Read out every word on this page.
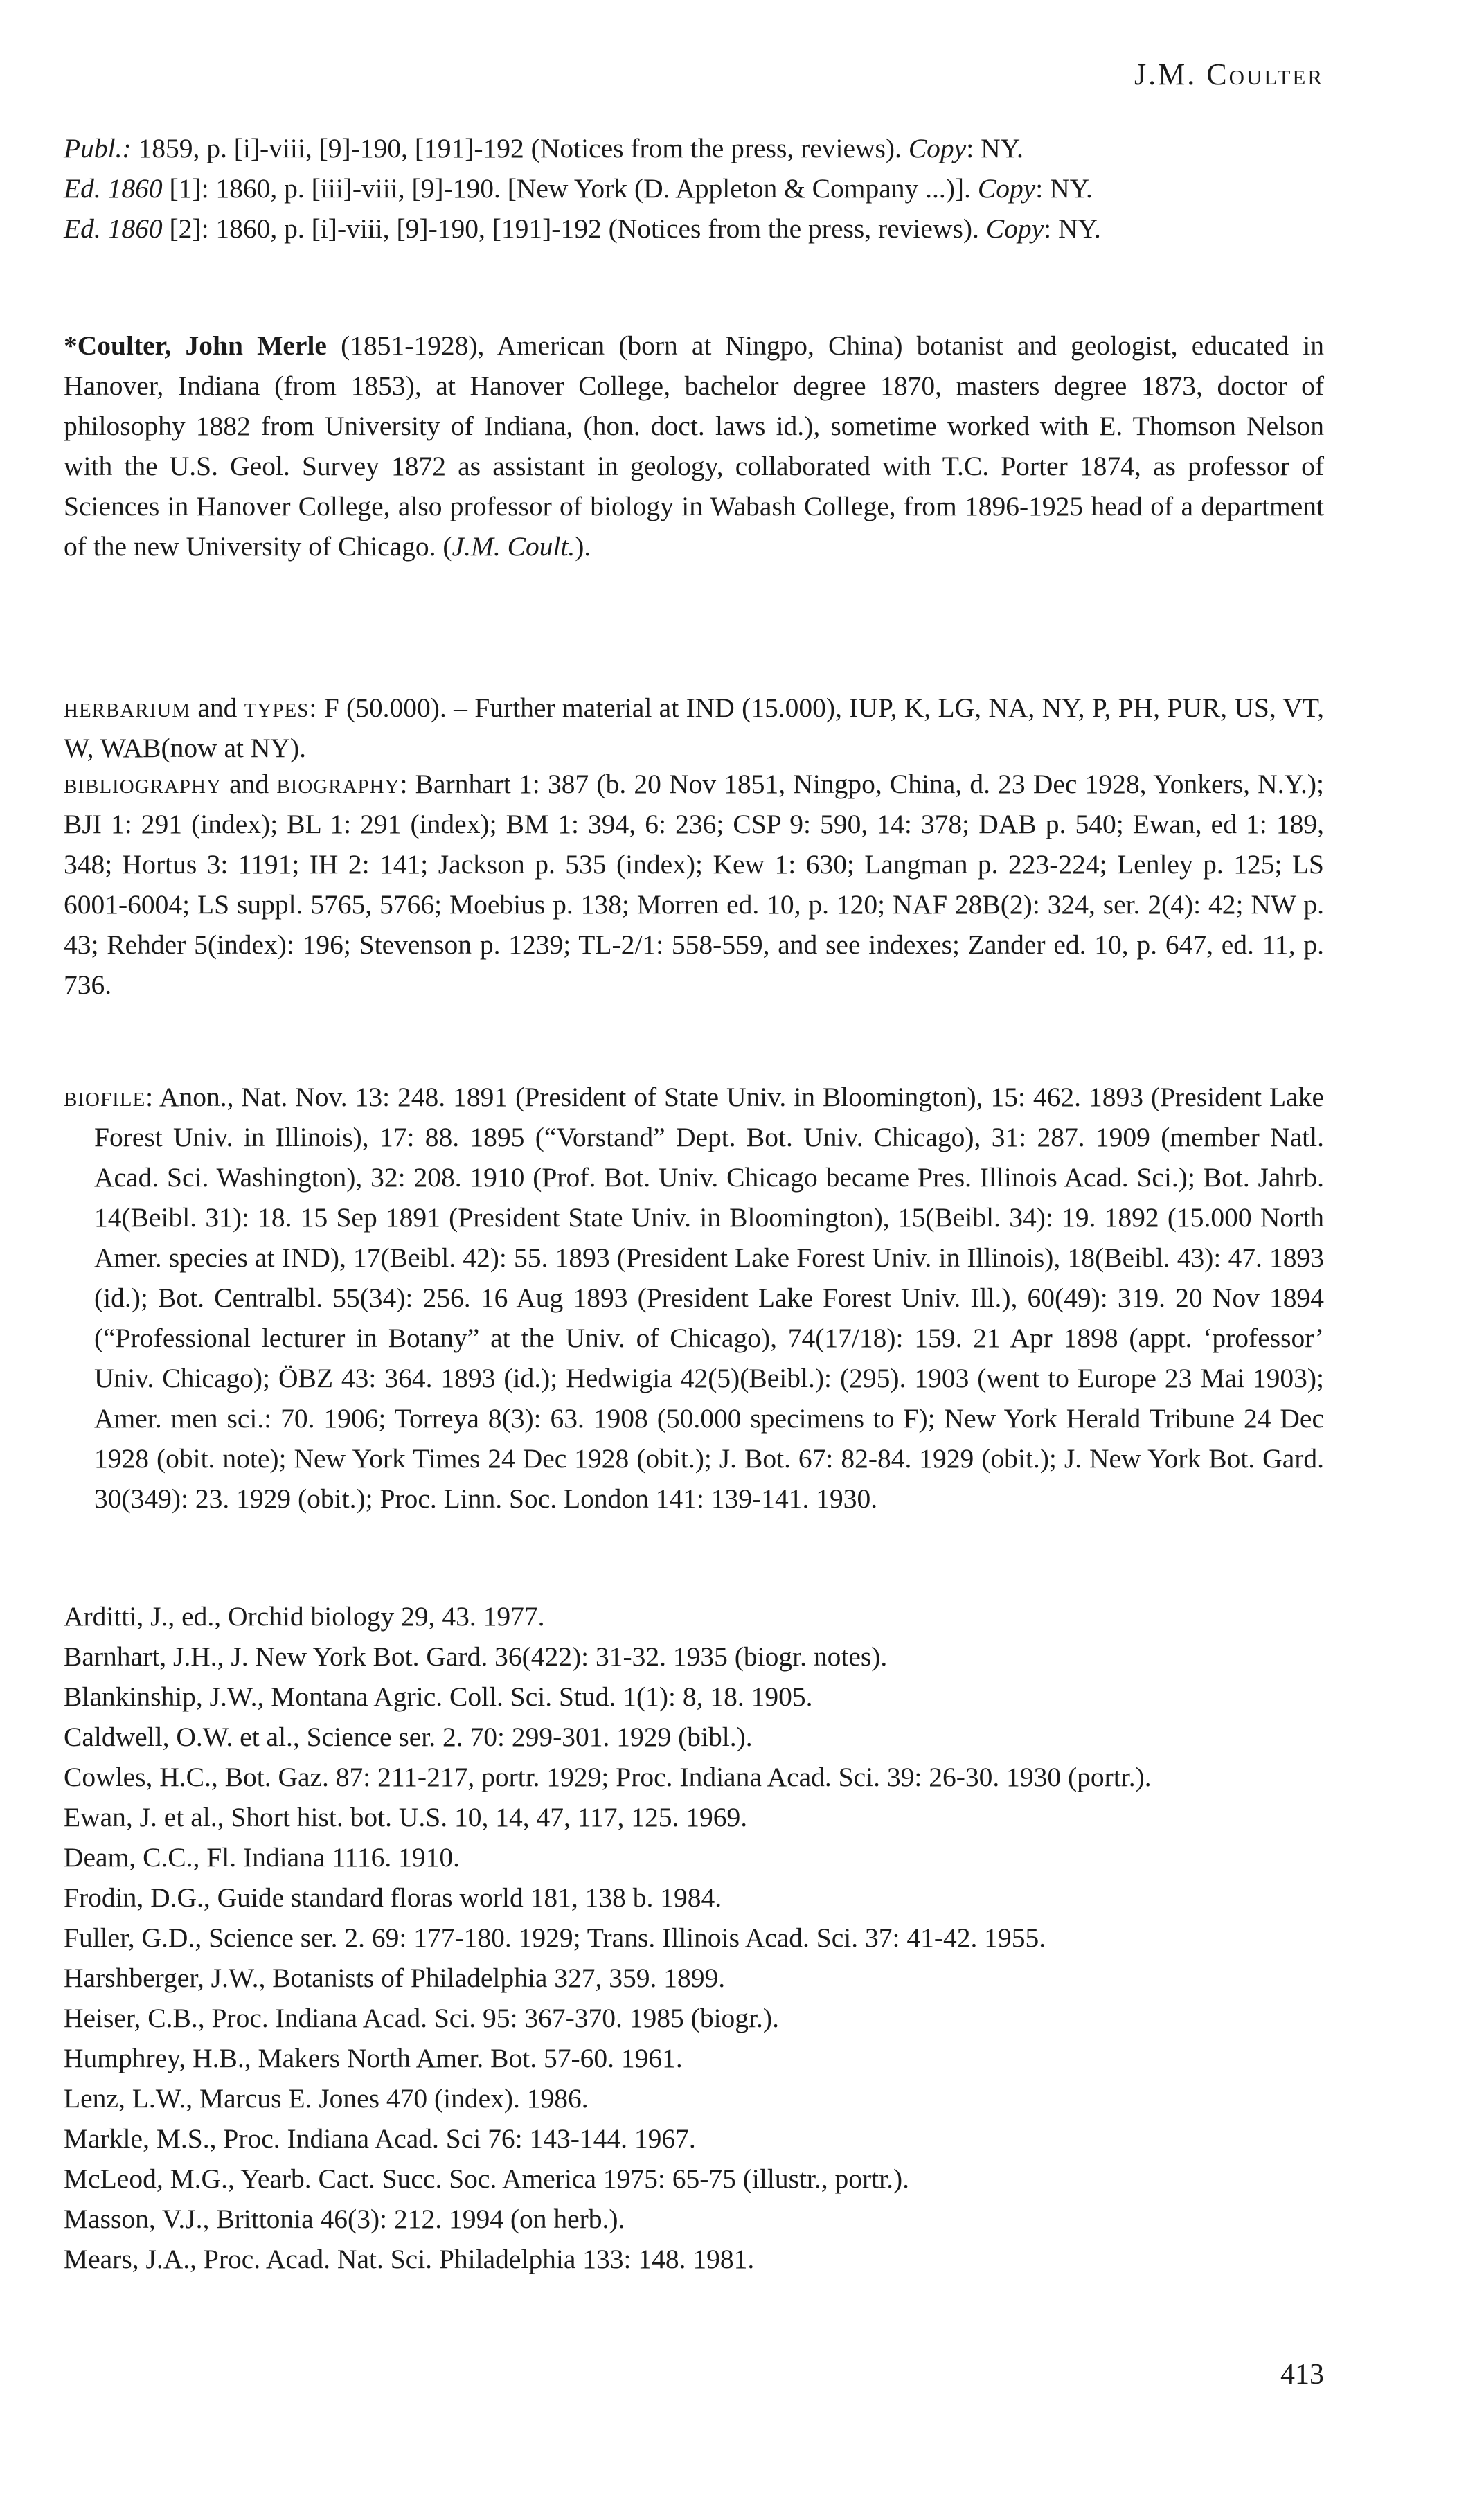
J.M. Coulter

Publ.: 1859, p. [i]-viii, [9]-190, [191]-192 (Notices from the press, reviews). Copy: NY.

Ed. 1860 [1]: 1860, p. [iii]-viii, [9]-190. [New York (D. Appleton & Company ...)]. Copy: NY.

Ed. 1860 [2]: 1860, p. [i]-viii, [9]-190, [191]-192 (Notices from the press, reviews). Copy: NY.

*Coulter, John Merle (1851-1928), American (born at Ningpo, China) botanist and geologist, educated in Hanover, Indiana (from 1853), at Hanover College, bachelor degree 1870, masters degree 1873, doctor of philosophy 1882 from University of Indiana, (hon. doct. laws id.), sometime worked with E. Thomson Nelson with the U.S. Geol. Survey 1872 as assistant in geology, collaborated with T.C. Porter 1874, as professor of Sciences in Hanover College, also professor of biology in Wabash College, from 1896-1925 head of a department of the new University of Chicago. (J.M. Coult.).

herbarium and types: F (50.000). – Further material at IND (15.000), IUP, K, LG, NA, NY, P, PH, PUR, US, VT, W, WAB(now at NY).

bibliography and biography: Barnhart 1: 387 (b. 20 Nov 1851, Ningpo, China, d. 23 Dec 1928, Yonkers, N.Y.); BJI 1: 291 (index); BL 1: 291 (index); BM 1: 394, 6: 236; CSP 9: 590, 14: 378; DAB p. 540; Ewan, ed 1: 189, 348; Hortus 3: 1191; IH 2: 141; Jackson p. 535 (index); Kew 1: 630; Langman p. 223-224; Lenley p. 125; LS 6001-6004; LS suppl. 5765, 5766; Moebius p. 138; Morren ed. 10, p. 120; NAF 28B(2): 324, ser. 2(4): 42; NW p. 43; Rehder 5(index): 196; Stevenson p. 1239; TL-2/1: 558-559, and see indexes; Zander ed. 10, p. 647, ed. 11, p. 736.

biofile: Anon., Nat. Nov. 13: 248. 1891 (President of State Univ. in Bloomington), 15: 462. 1893 (President Lake Forest Univ. in Illinois), 17: 88. 1895 (“Vorstand” Dept. Bot. Univ. Chicago), 31: 287. 1909 (member Natl. Acad. Sci. Washington), 32: 208. 1910 (Prof. Bot. Univ. Chicago became Pres. Illinois Acad. Sci.); Bot. Jahrb. 14(Beibl. 31): 18. 15 Sep 1891 (President State Univ. in Bloomington), 15(Beibl. 34): 19. 1892 (15.000 North Amer. species at IND), 17(Beibl. 42): 55. 1893 (President Lake Forest Univ. in Illinois), 18(Beibl. 43): 47. 1893 (id.); Bot. Centralbl. 55(34): 256. 16 Aug 1893 (President Lake Forest Univ. Ill.), 60(49): 319. 20 Nov 1894 (“Professional lecturer in Botany” at the Univ. of Chicago), 74(17/18): 159. 21 Apr 1898 (appt. ‘professor’ Univ. Chicago); ÖBZ 43: 364. 1893 (id.); Hedwigia 42(5)(Beibl.): (295). 1903 (went to Europe 23 Mai 1903); Amer. men sci.: 70. 1906; Torreya 8(3): 63. 1908 (50.000 specimens to F); New York Herald Tribune 24 Dec 1928 (obit. note); New York Times 24 Dec 1928 (obit.); J. Bot. 67: 82-84. 1929 (obit.); J. New York Bot. Gard. 30(349): 23. 1929 (obit.); Proc. Linn. Soc. London 141: 139-141. 1930.

Arditti, J., ed., Orchid biology 29, 43. 1977.

Barnhart, J.H., J. New York Bot. Gard. 36(422): 31-32. 1935 (biogr. notes).

Blankinship, J.W., Montana Agric. Coll. Sci. Stud. 1(1): 8, 18. 1905.

Caldwell, O.W. et al., Science ser. 2. 70: 299-301. 1929 (bibl.).

Cowles, H.C., Bot. Gaz. 87: 211-217, portr. 1929; Proc. Indiana Acad. Sci. 39: 26-30. 1930 (portr.).

Ewan, J. et al., Short hist. bot. U.S. 10, 14, 47, 117, 125. 1969.

Deam, C.C., Fl. Indiana 1116. 1910.

Frodin, D.G., Guide standard floras world 181, 138 b. 1984.

Fuller, G.D., Science ser. 2. 69: 177-180. 1929; Trans. Illinois Acad. Sci. 37: 41-42. 1955.

Harshberger, J.W., Botanists of Philadelphia 327, 359. 1899.

Heiser, C.B., Proc. Indiana Acad. Sci. 95: 367-370. 1985 (biogr.).

Humphrey, H.B., Makers North Amer. Bot. 57-60. 1961.

Lenz, L.W., Marcus E. Jones 470 (index). 1986.

Markle, M.S., Proc. Indiana Acad. Sci 76: 143-144. 1967.

McLeod, M.G., Yearb. Cact. Succ. Soc. America 1975: 65-75 (illustr., portr.).

Masson, V.J., Brittonia 46(3): 212. 1994 (on herb.).

Mears, J.A., Proc. Acad. Nat. Sci. Philadelphia 133: 148. 1981.

413
